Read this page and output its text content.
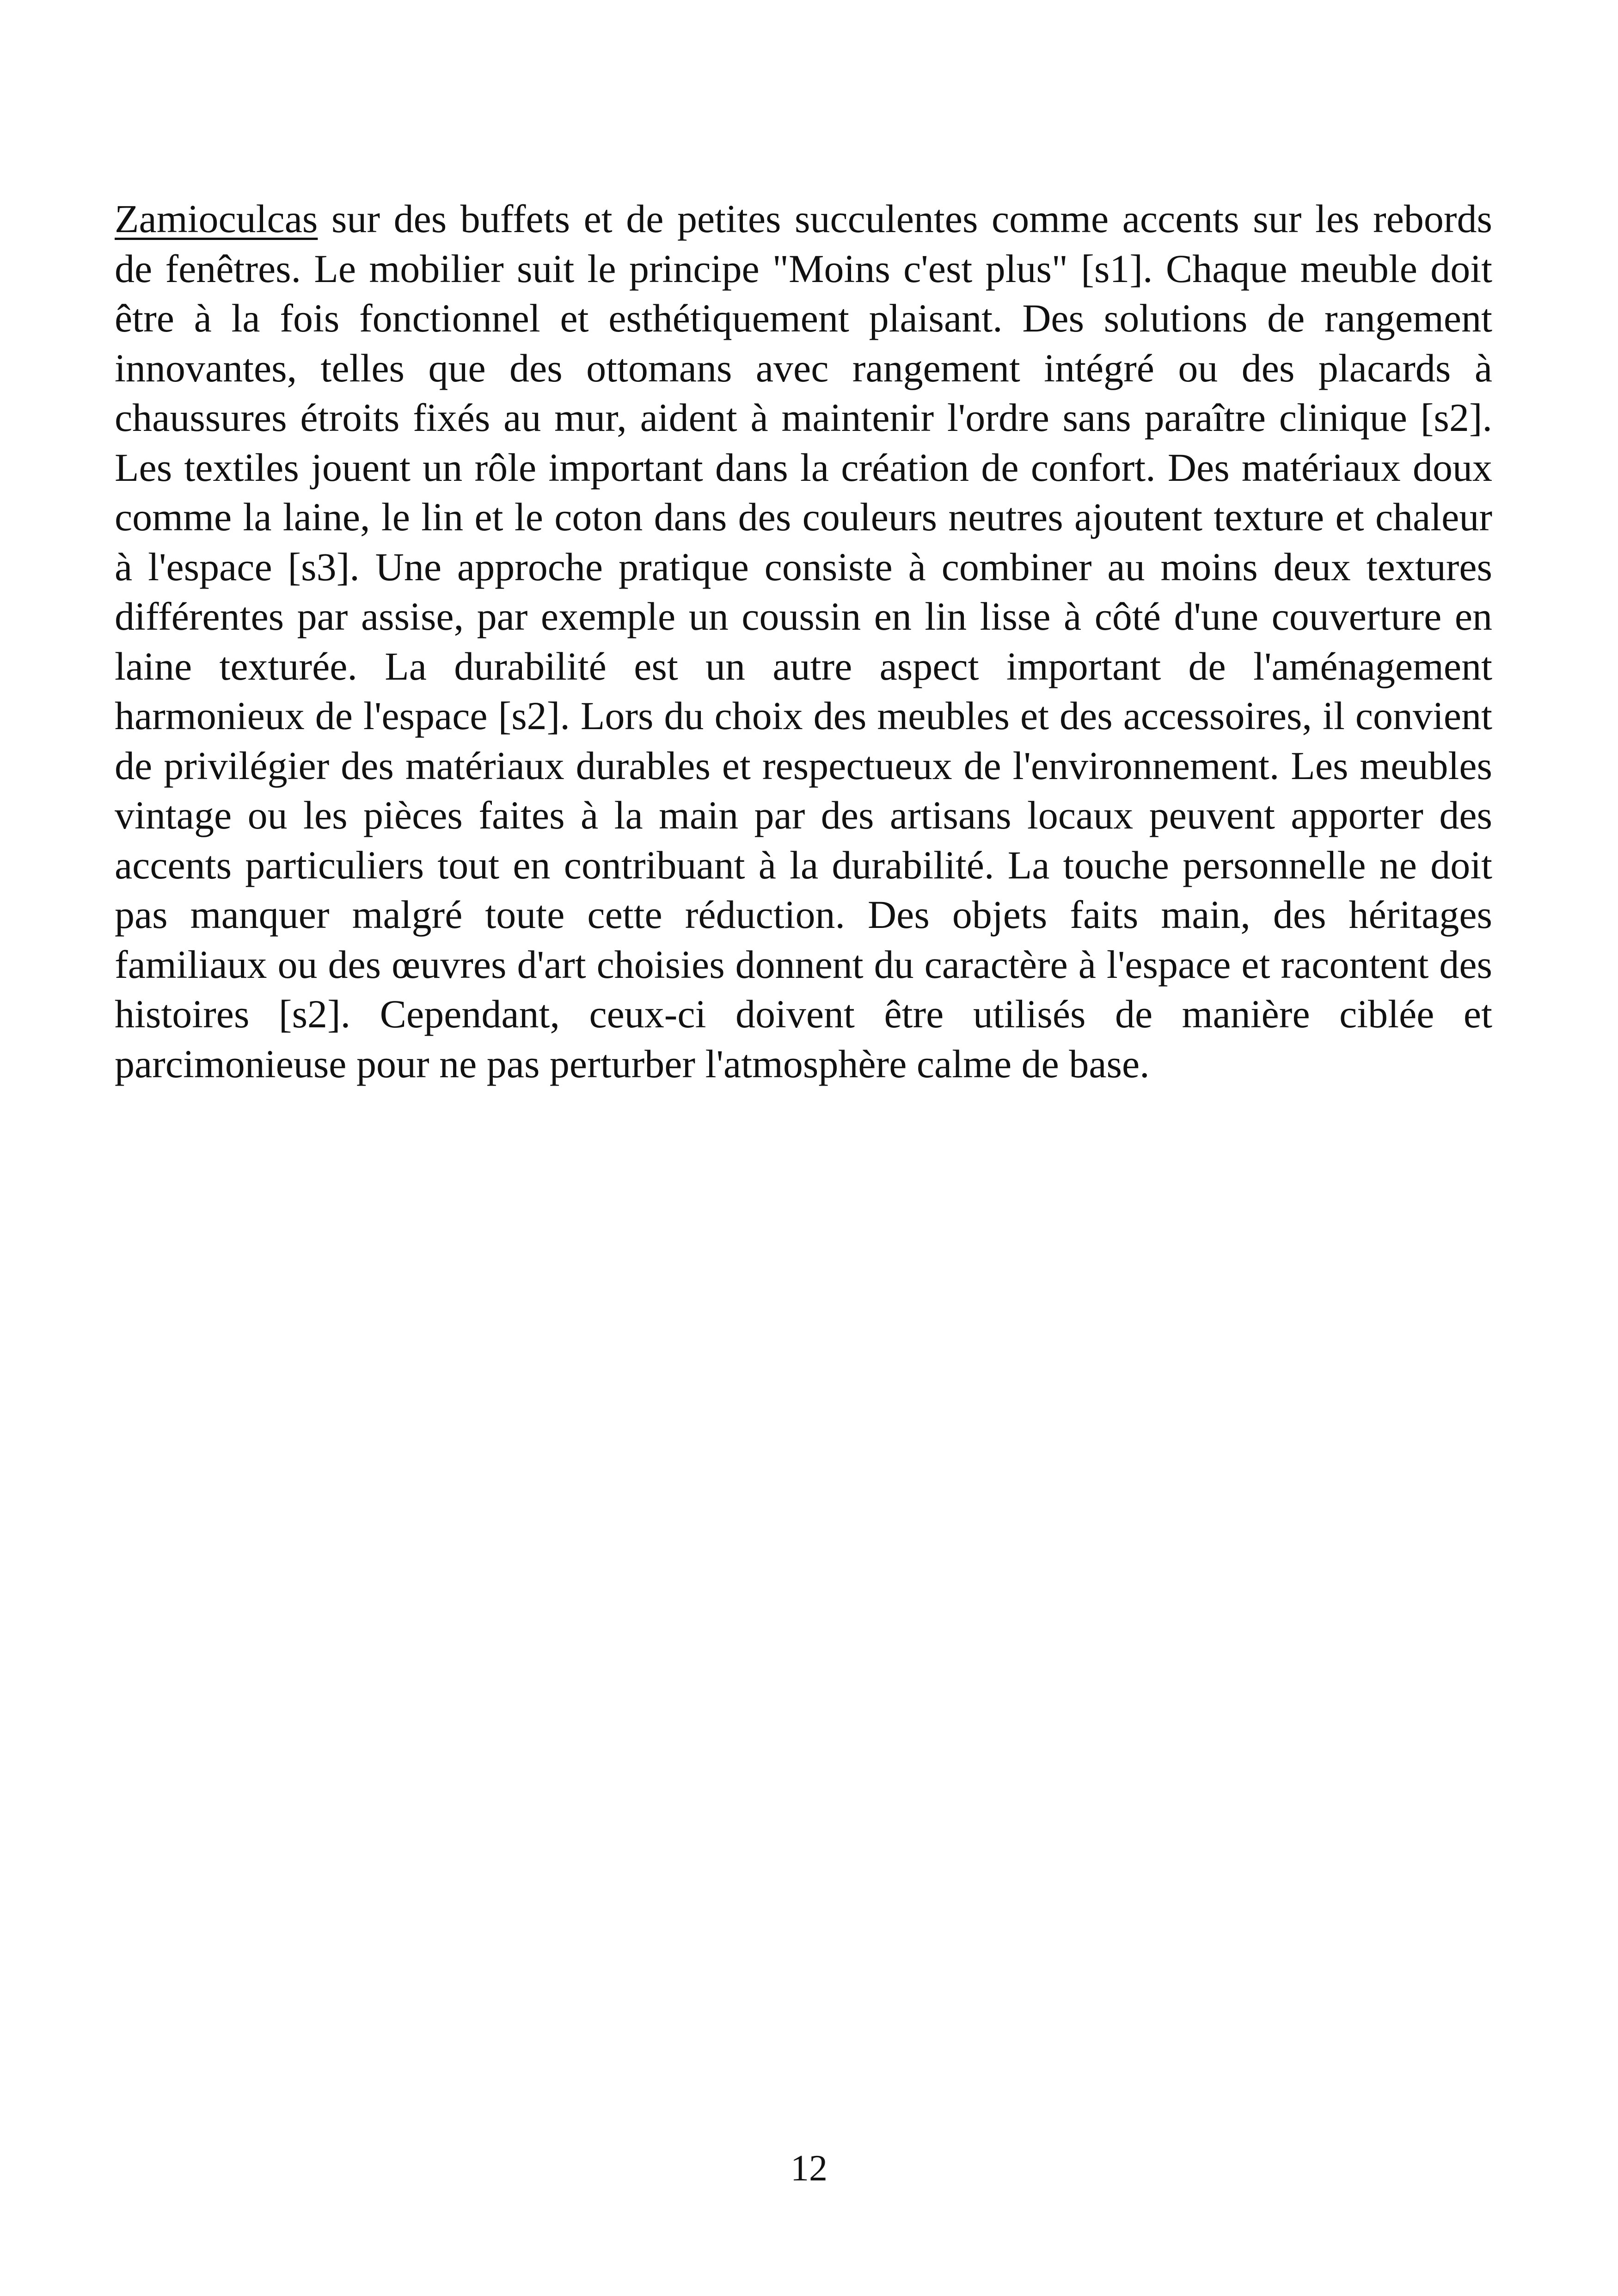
Zamioculcas sur des buffets et de petites succulentes comme accents sur les rebords de fenêtres. Le mobilier suit le principe "Moins c'est plus" [s1]. Chaque meuble doit être à la fois fonctionnel et esthétiquement plaisant. Des solutions de rangement innovantes, telles que des ottomans avec rangement intégré ou des placards à chaussures étroits fixés au mur, aident à maintenir l'ordre sans paraître clinique [s2]. Les textiles jouent un rôle important dans la création de confort. Des matériaux doux comme la laine, le lin et le coton dans des couleurs neutres ajoutent texture et chaleur à l'espace [s3]. Une approche pratique consiste à combiner au moins deux textures différentes par assise, par exemple un coussin en lin lisse à côté d'une couverture en laine texturée. La durabilité est un autre aspect important de l'aménagement harmonieux de l'espace [s2]. Lors du choix des meubles et des accessoires, il convient de privilégier des matériaux durables et respectueux de l'environnement. Les meubles vintage ou les pièces faites à la main par des artisans locaux peuvent apporter des accents particuliers tout en contribuant à la durabilité. La touche personnelle ne doit pas manquer malgré toute cette réduction. Des objets faits main, des héritages familiaux ou des œuvres d'art choisies donnent du caractère à l'espace et racontent des histoires [s2]. Cependant, ceux-ci doivent être utilisés de manière ciblée et parcimonieuse pour ne pas perturber l'atmosphère calme de base.

12
